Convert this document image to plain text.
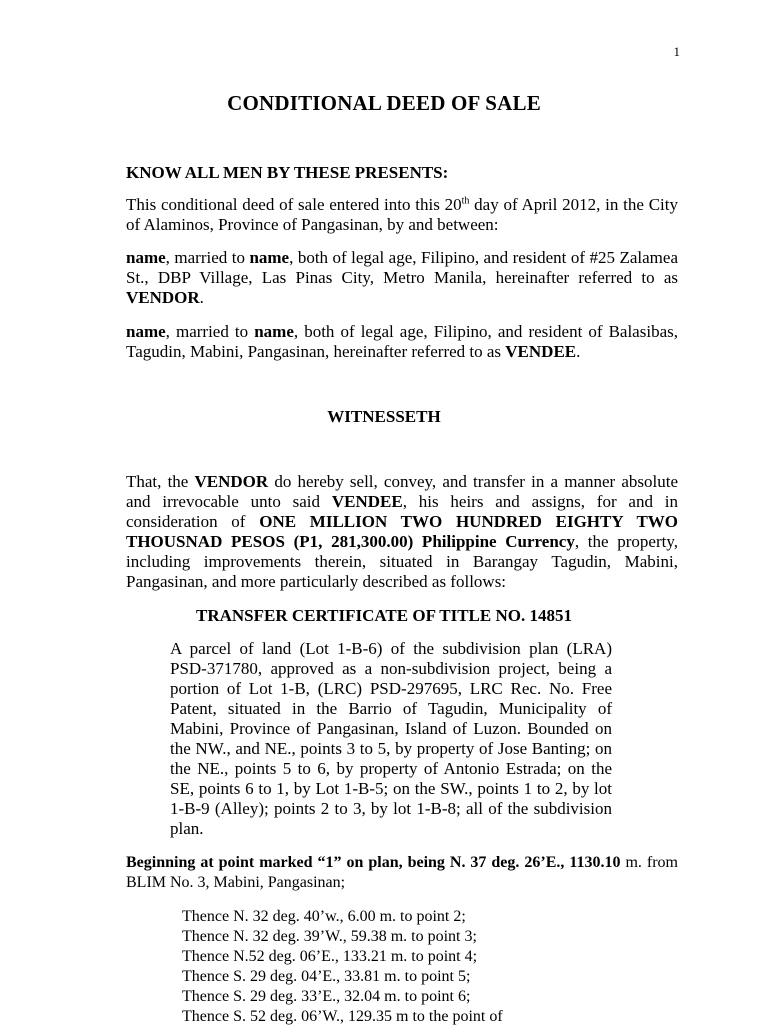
1
CONDITIONAL DEED OF SALE
KNOW ALL MEN BY THESE PRESENTS:
This conditional deed of sale entered into this 20th day of April 2012, in the City of Alaminos, Province of Pangasinan, by and between:
name, married to name, both of legal age, Filipino, and resident of #25 Zalamea St., DBP Village, Las Pinas City, Metro Manila, hereinafter referred to as VENDOR.
name, married to name, both of legal age, Filipino, and resident of Balasibas, Tagudin, Mabini, Pangasinan, hereinafter referred to as VENDEE.
WITNESSETH
That, the VENDOR do hereby sell, convey, and transfer in a manner absolute and irrevocable unto said VENDEE, his heirs and assigns, for and in consideration of ONE MILLION TWO HUNDRED EIGHTY TWO THOUSNAD PESOS (P1, 281,300.00) Philippine Currency, the property, including improvements therein, situated in Barangay Tagudin, Mabini, Pangasinan, and more particularly described as follows:
TRANSFER CERTIFICATE OF TITLE NO. 14851
A parcel of land (Lot 1-B-6) of the subdivision plan (LRA) PSD-371780, approved as a non-subdivision project, being a portion of Lot 1-B, (LRC) PSD-297695, LRC Rec. No. Free Patent, situated in the Barrio of Tagudin, Municipality of Mabini, Province of Pangasinan, Island of Luzon. Bounded on the NW., and NE., points 3 to 5, by property of Jose Banting; on the NE., points 5 to 6, by property of Antonio Estrada; on the SE, points 6 to 1, by Lot 1-B-5; on the SW., points 1 to 2, by lot 1-B-9 (Alley); points 2 to 3, by lot 1-B-8; all of the subdivision plan.
Beginning at point marked “1” on plan, being N. 37 deg. 26’E., 1130.10 m. from BLIM No. 3, Mabini, Pangasinan;
Thence N. 32 deg. 40’w., 6.00 m. to point 2;
Thence N. 32 deg. 39’W., 59.38 m. to point 3;
Thence N.52 deg. 06’E., 133.21 m. to point 4;
Thence S. 29 deg. 04’E., 33.81 m. to point 5;
Thence S. 29 deg. 33’E., 32.04 m. to point 6;
Thence S. 52 deg. 06’W., 129.35 m to the point of
